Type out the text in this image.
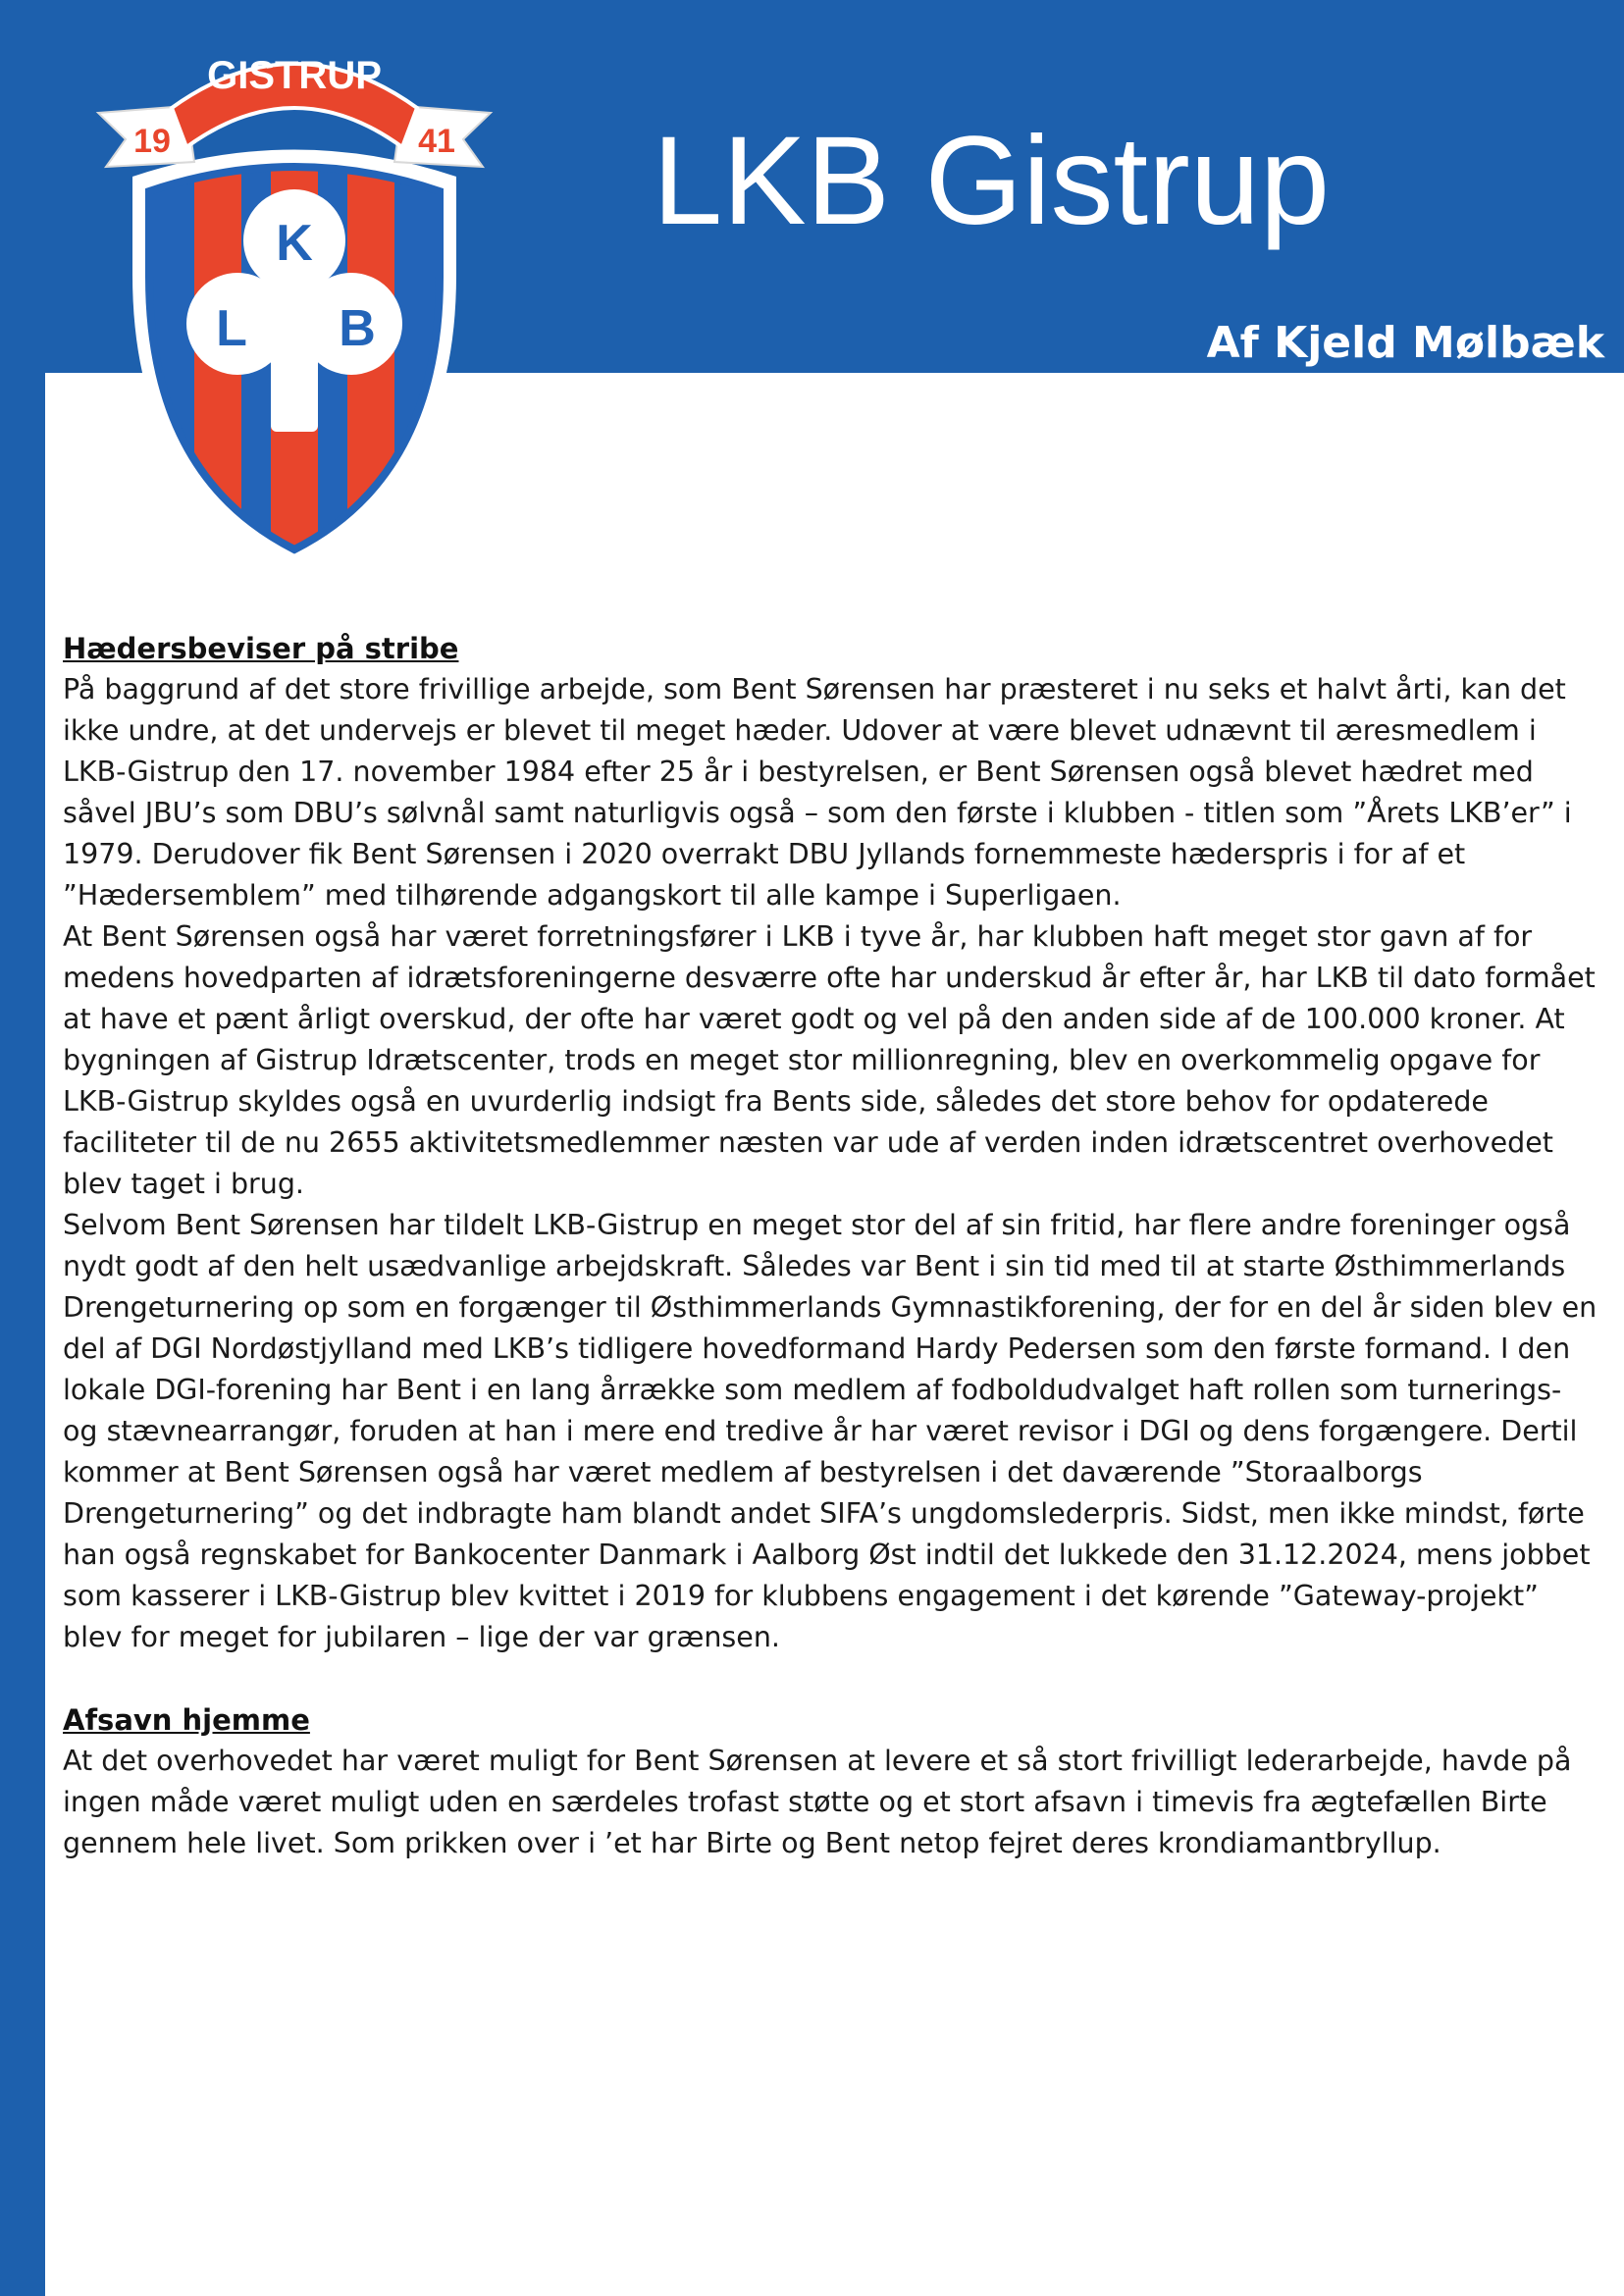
K
L B
GISTRUP
19	41 LKB Gistrup
Af Kjeld Mølbæk
Hædersbeviser på stribe

På baggrund af det store frivillige arbejde, som Bent Sørensen har præsteret i nu seks et halvt årti, kan det ikke undre, at det undervejs er blevet til meget hæder. Udover at være blevet udnævnt til æresmedlem i LKB-Gistrup den 17. november 1984 efter 25 år i bestyrelsen, er Bent Sørensen også blevet hædret med såvel JBU’s som DBU’s sølvnål samt naturligvis også – som den første i klubben - titlen som ”Årets LKB’er” i 1979. Derudover fik Bent Sørensen i 2020 overrakt DBU Jyllands fornemmeste hæderspris i for af et ”Hædersemblem” med tilhørende adgangskort til alle kampe i Superligaen.

At Bent Sørensen også har været forretningsfører i LKB i tyve år, har klubben haft meget stor gavn af for medens hovedparten af idrætsforeningerne desværre ofte har underskud år efter år, har LKB til dato formået at have et pænt årligt overskud, der ofte har været godt og vel på den anden side af de 100.000 kroner. At bygningen af Gistrup Idrætscenter, trods en meget stor millionregning, blev en overkommelig opgave for LKB-Gistrup skyldes også en uvurderlig indsigt fra Bents side, således det store behov for opdaterede faciliteter til de nu 2655 aktivitetsmedlemmer næsten var ude af verden inden idrætscentret overhovedet blev taget i brug.

Selvom Bent Sørensen har tildelt LKB-Gistrup en meget stor del af sin fritid, har flere andre foreninger også nydt godt af den helt usædvanlige arbejdskraft. Således var Bent i sin tid med til at starte Østhimmerlands Drengeturnering op som en forgænger til Østhimmerlands Gymnastikforening, der for en del år siden blev en del af DGI Nordøstjylland med LKB’s tidligere hovedformand Hardy Pedersen som den første formand. I den lokale DGI-forening har Bent i en lang årrække som medlem af fodboldudvalget haft rollen som turnerings- og stævnearrangør, foruden at han i mere end tredive år har været revisor i DGI og dens forgængere. Dertil kommer at Bent Sørensen også har været medlem af bestyrelsen i det daværende ”Storaalborgs Drengeturnering” og det indbragte ham blandt andet SIFA’s ungdomslederpris. Sidst, men ikke mindst, førte han også regnskabet for Bankocenter Danmark i Aalborg Øst indtil det lukkede den 31.12.2024, mens jobbet som kasserer i LKB-Gistrup blev kvittet i 2019 for klubbens engagement i det kørende ”Gateway-projekt” blev for meget for jubilaren – lige der var grænsen.

Afsavn hjemme

At det overhovedet har været muligt for Bent Sørensen at levere et så stort frivilligt lederarbejde, havde på ingen måde været muligt uden en særdeles trofast støtte og et stort afsavn i timevis fra ægtefællen Birte gennem hele livet. Som prikken over i ’et har Birte og Bent netop fejret deres krondiamantbryllup.
